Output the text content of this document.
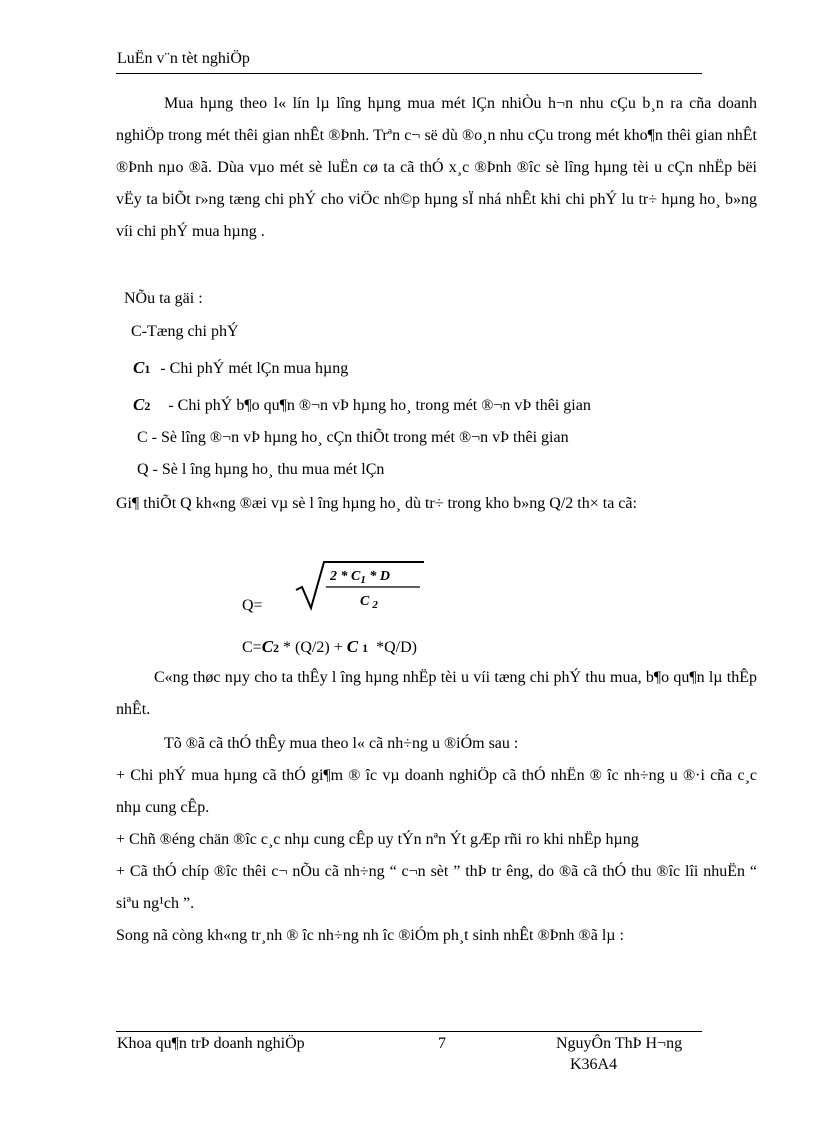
LuËn v¨n tèt nghiÖp
Mua hµng theo l« lín lµ lîng hµng mua mét lÇn nhiÒu h¬n nhu cÇu b¸n ra cña doanh nghiÖp trong mét thêi gian nhÊt ®Þnh. Trªn c¬ së dù ®o¸n nhu cÇu trong mét kho¶n thêi gian nhÊt ®Þnh nµo ®ã. Dùa vµo mét sè luËn cø ta cã thÓ x¸c ®Þnh ®îc sè lîng hµng tèi u cÇn nhËp bëi vËy ta biÕt r»ng tæng chi phÝ cho viÖc nh©p hµng sÏ nhá nhÊt khi chi phÝ lu tr÷ hµng ho¸ b»ng víi chi phÝ mua hµng .
NÕu ta gäi :
C-Tæng chi phÝ
C1 - Chi phÝ mét lÇn mua hµng
C2 - Chi phÝ b¶o qu¶n ®¬n vÞ hµng ho¸ trong mét ®¬n vÞ thêi gian
C - Sè lîng ®¬n vÞ hµng ho¸ cÇn thiÕt trong mét ®¬n vÞ thêi gian
Q - Sè l îng hµng ho¸ thu mua mét lÇn
Gi¶ thiÕt Q kh«ng ®æi vµ sè l îng hµng ho¸ dù tr÷ trong kho b»ng Q/2 th× ta cã:
Q=
$2 * C_1$ * D
C $_2$
C=C2 * (Q/2) + C 1 *Q/D)
C«ng thøc nµy cho ta thÊy l îng hµng nhËp tèi u víi tæng chi phÝ thu mua, b¶o qu¶n lµ thÊp nhÊt.
Tõ ®ã cã thÓ thÊy mua theo l« cã nh÷ng u ®iÓm sau :
+ Chi phÝ mua hµng cã thÓ gi¶m ® îc vµ doanh nghiÖp cã thÓ nhËn ® îc nh÷ng u ®·i cña c¸c nhµ cung cÊp.
+ Chñ ®éng chän ®îc c¸c nhµ cung cÊp uy tÝn nªn Ýt gÆp rñi ro khi nhËp hµng
+ Cã thÓ chíp ®îc thêi c¬ nÕu cã nh÷ng “ c¬n sèt ” thÞ tr êng, do ®ã cã thÓ thu ®îc lîi nhuËn “ siªu ng¹ch ”.
Song nã còng kh«ng tr¸nh ® îc nh÷ng nh îc ®iÓm ph¸t sinh nhÊt ®Þnh ®ã lµ :
Khoa qu¶n trÞ doanh nghiÖp	7	NguyÔn ThÞ H¬ng
K36A4
